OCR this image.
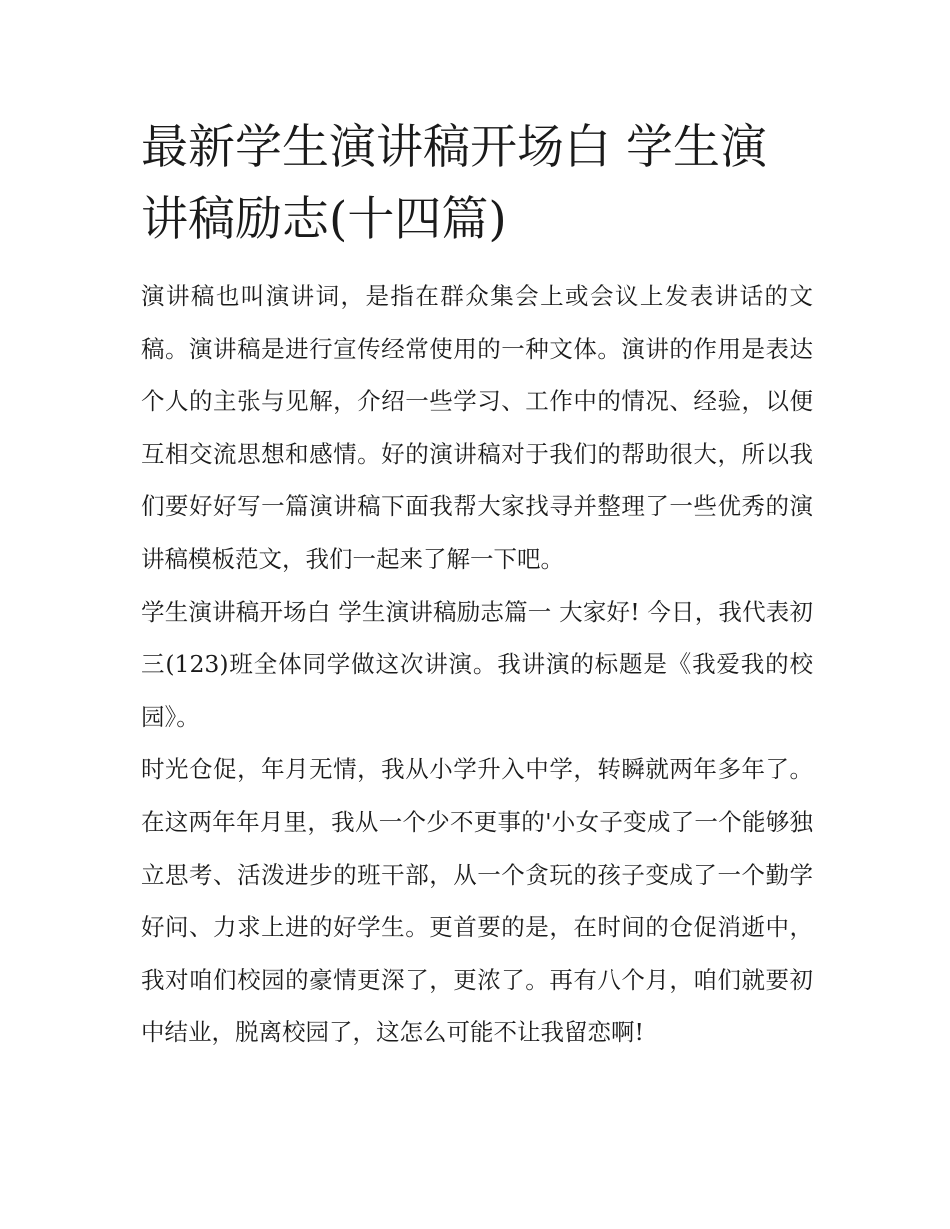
最新学生演讲稿开场白 学生演讲稿励志(十四篇)

演讲稿也叫演讲词，是指在群众集会上或会议上发表讲话的文稿。演讲稿是进行宣传经常使用的一种文体。演讲的作用是表达个人的主张与见解，介绍一些学习、工作中的情况、经验，以便互相交流思想和感情。好的演讲稿对于我们的帮助很大，所以我们要好好写一篇演讲稿下面我帮大家找寻并整理了一些优秀的演讲稿模板范文，我们一起来了解一下吧。

学生演讲稿开场白 学生演讲稿励志篇一 大家好! 今日，我代表初三(123)班全体同学做这次讲演。我讲演的标题是《我爱我的校园》。

时光仓促，年月无情，我从小学升入中学，转瞬就两年多年了。在这两年年月里，我从一个少不更事的'小女子变成了一个能够独立思考、活泼进步的班干部，从一个贪玩的孩子变成了一个勤学好问、力求上进的好学生。更首要的是，在时间的仓促消逝中，我对咱们校园的豪情更深了，更浓了。再有八个月，咱们就要初中结业，脱离校园了，这怎么可能不让我留恋啊!
